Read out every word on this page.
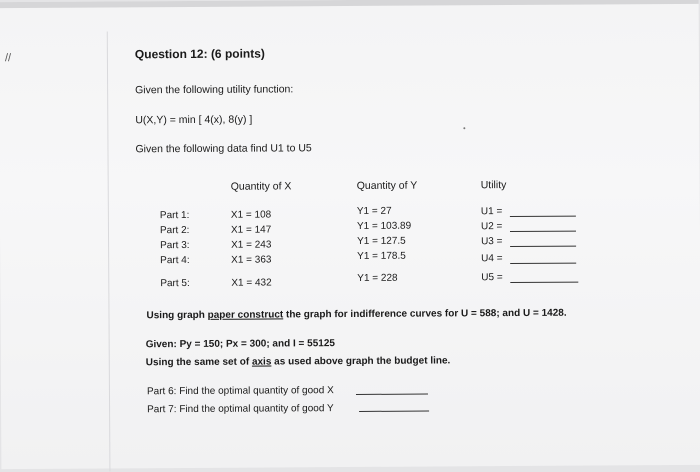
//	Question 12: (6 points)
Given the following utility function:
U(X,Y) = min [ 4(x), 8(y) ]
Given the following data find U1 to U5
Quantity of X	Quantity of Y	Utility
Part 1:	X1 = 108	Y1 = 27	U1 =
Part 2:	X1 = 147	Y1 = 103.89	U2 =
Part 3:	X1 = 243	Y1 = 127.5	U3 =
Part 4:	X1 = 363	Y1 = 178.5	U4 =
Part 5:	X1 = 432	Y1 = 228	U5 =
Using graph paper construct the graph for indifference curves for U = 588; and U = 1428.
Given: Py = 150; Px = 300; and I = 55125
Using the same set of axis as used above graph the budget line.
Part 6: Find the optimal quantity of good X
Part 7: Find the optimal quantity of good Y
